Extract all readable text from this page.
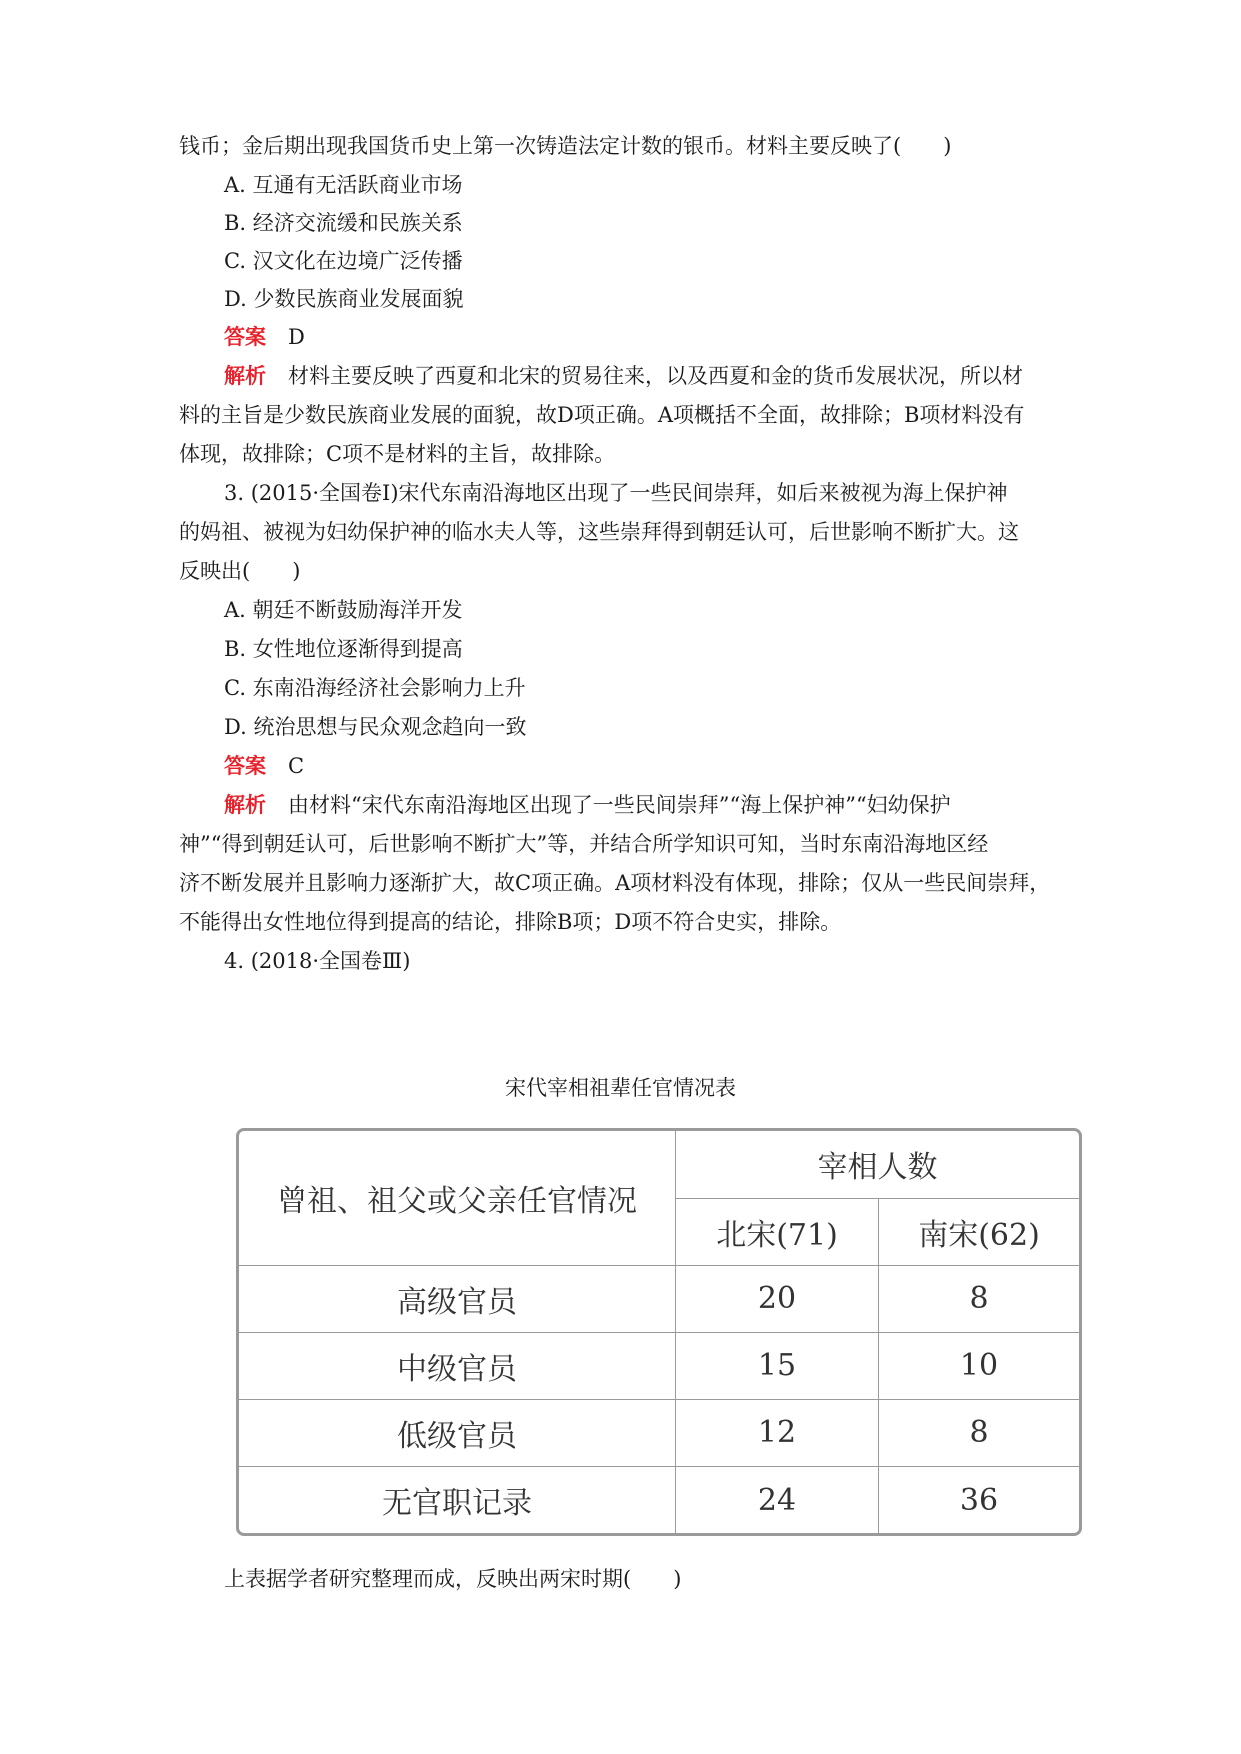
钱币；金后期出现我国货币史上第一次铸造法定计数的银币。材料主要反映了(　　)
A. 互通有无活跃商业市场
B. 经济交流缓和民族关系
C. 汉文化在边境广泛传播
D. 少数民族商业发展面貌
答案 D
解析 材料主要反映了西夏和北宋的贸易往来，以及西夏和金的货币发展状况，所以材
料的主旨是少数民族商业发展的面貌，故D项正确。A项概括不全面，故排除；B项材料没有
体现，故排除；C项不是材料的主旨，故排除。
3. (2015·全国卷Ⅰ)宋代东南沿海地区出现了一些民间崇拜，如后来被视为海上保护神
的妈祖、被视为妇幼保护神的临水夫人等，这些崇拜得到朝廷认可，后世影响不断扩大。这
反映出(　　)
A. 朝廷不断鼓励海洋开发
B. 女性地位逐渐得到提高
C. 东南沿海经济社会影响力上升
D. 统治思想与民众观念趋向一致
答案 C
解析 由材料“宋代东南沿海地区出现了一些民间崇拜”“海上保护神”“妇幼保护
神”“得到朝廷认可，后世影响不断扩大”等，并结合所学知识可知，当时东南沿海地区经
济不断发展并且影响力逐渐扩大，故C项正确。A项材料没有体现，排除；仅从一些民间崇拜，
不能得出女性地位得到提高的结论，排除B项；D项不符合史实，排除。
4. (2018·全国卷Ⅲ)
宋代宰相祖辈任官情况表
曾祖、祖父或父亲任官情况	宰相人数	
	北宋(71)	南宋(62)
高级官员	20	8
中级官员	15	10
低级官员	12	8
无官职记录	24	36
上表据学者研究整理而成，反映出两宋时期(　　)
